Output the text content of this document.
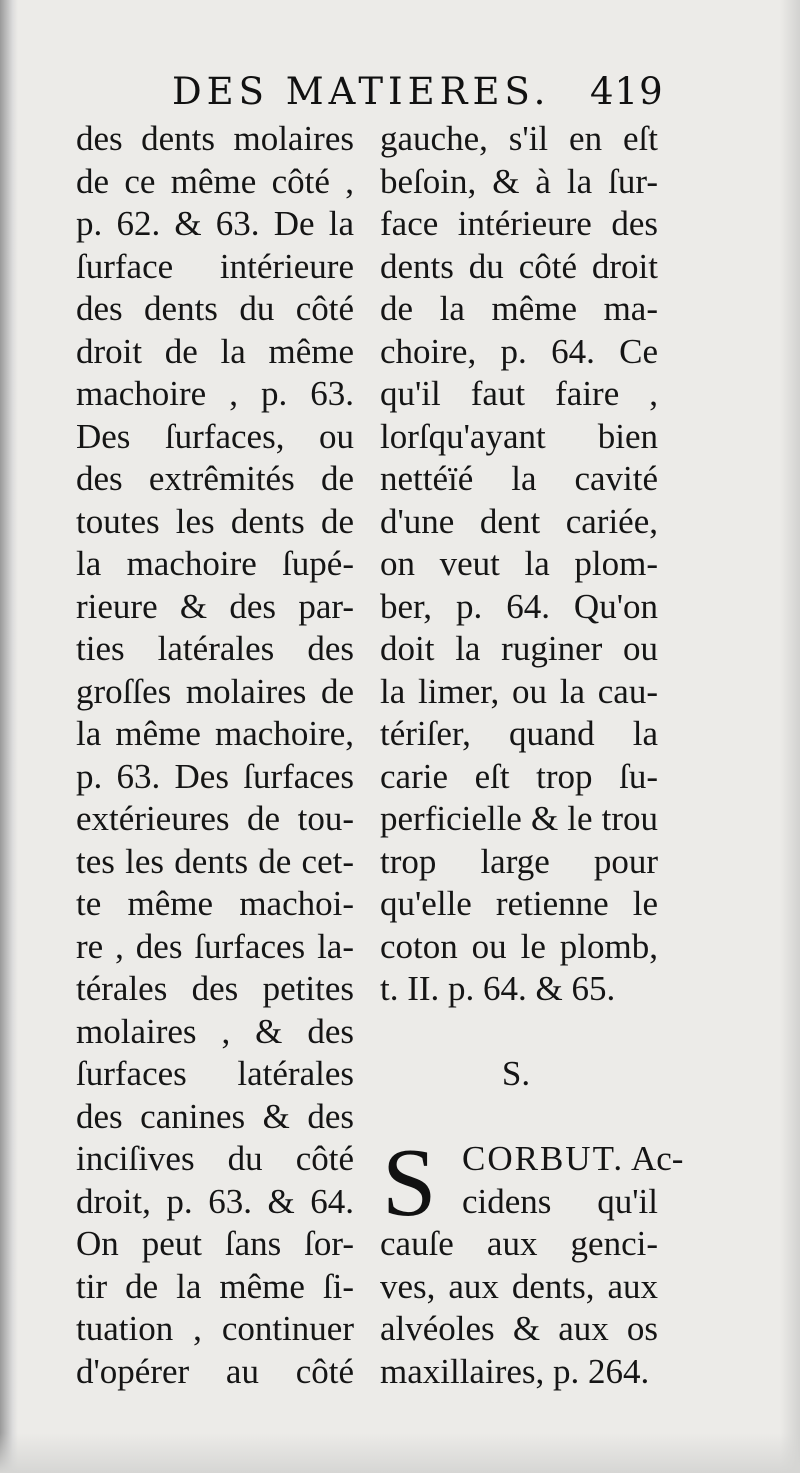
DES MATIERES. 419
des dents molaires
de ce même côté ,
p. 62. & 63. De la
ſurface intérieure
des dents du côté
droit de la même
machoire , p. 63.
Des ſurfaces, ou
des extrêmités de
toutes les dents de
la machoire ſupé-
rieure & des par-
ties latérales des
groſſes molaires de
la même machoire,
p. 63. Des ſurfaces
extérieures de tou-
tes les dents de cet-
te même machoi-
re , des ſurfaces la-
térales des petites
molaires , & des
ſurfaces latérales
des canines & des
inciſives du côté
droit, p. 63. & 64.
On peut ſans ſor-
tir de la même ſi-
tuation , continuer
d'opérer au côté
gauche, s'il en eſt
beſoin, & à la ſur-
face intérieure des
dents du côté droit
de la même ma-
choire, p. 64. Ce
qu'il faut faire ,
lorſqu'ayant bien
nettéïé la cavité
d'une dent cariée,
on veut la plom-
ber, p. 64. Qu'on
doit la ruginer ou
la limer, ou la cau-
tériſer, quand la
carie eſt trop ſu-
perficielle & le trou
trop large pour
qu'elle retienne le
coton ou le plomb,
t. II. p. 64. & 65.
S.
S CORBUT. Ac-
cidens qu'il
cauſe aux genci-
ves, aux dents, aux
alvéoles & aux os
maxillaires, p. 264.
